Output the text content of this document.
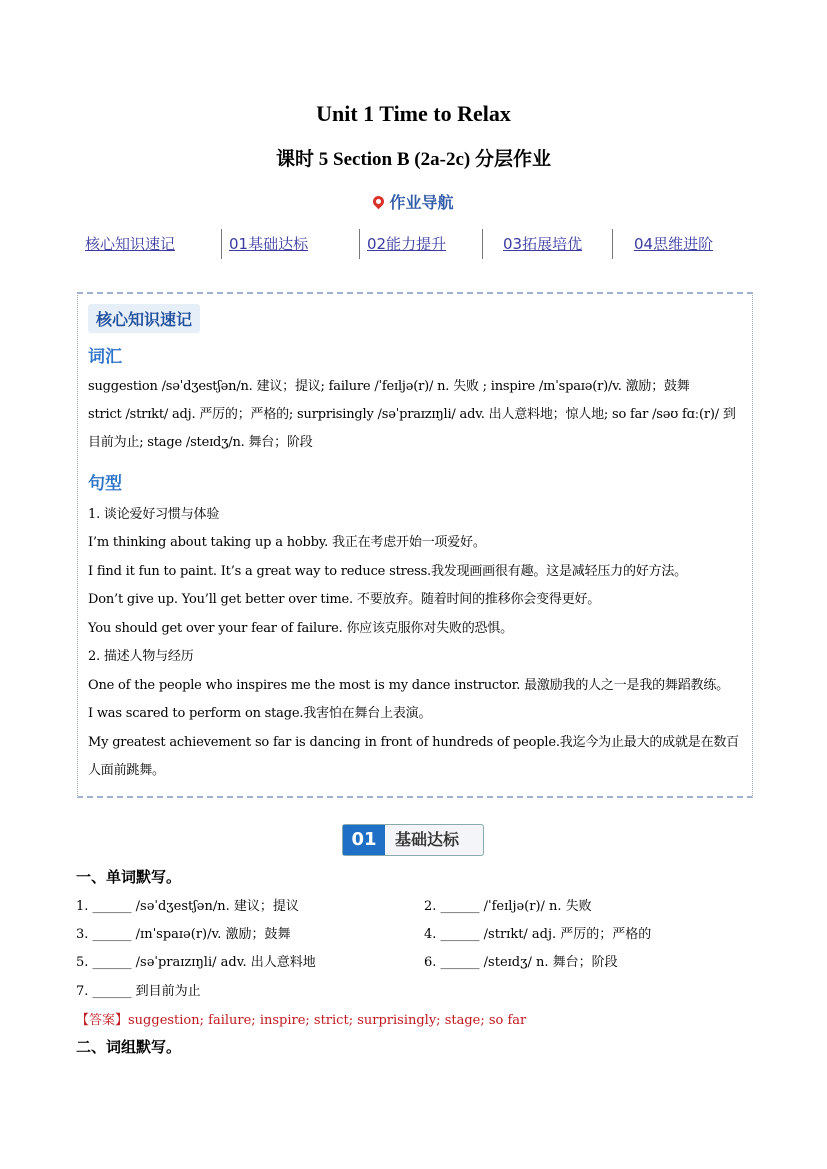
Unit 1 Time to Relax
课时 5 Section B (2a-2c) 分层作业
作业导航
核心知识速记	01基础达标	02能力提升	03拓展培优	04思维进阶
核心知识速记
词汇
suggestion /səˈdʒestʃən/n. 建议；提议; failure /ˈfeɪljə(r)/ n. 失败 ; inspire /ɪnˈspaɪə(r)/v. 激励；鼓舞
strict /strɪkt/ adj. 严厉的；严格的; surprisingly /səˈpraɪzɪŋli/ adv. 出人意料地；惊人地; so far /səʊ fɑː(r)/ 到
目前为止; stage /steɪdʒ/n. 舞台；阶段
句型
1. 谈论爱好习惯与体验
I’m thinking about taking up a hobby. 我正在考虑开始一项爱好。
I find it fun to paint. It’s a great way to reduce stress.我发现画画很有趣。这是减轻压力的好方法。
Don’t give up. You’ll get better over time. 不要放弃。随着时间的推移你会变得更好。
You should get over your fear of failure. 你应该克服你对失败的恐惧。
2. 描述人物与经历
One of the people who inspires me the most is my dance instructor. 最激励我的人之一是我的舞蹈教练。
I was scared to perform on stage.我害怕在舞台上表演。
My greatest achievement so far is dancing in front of hundreds of people.我迄今为止最大的成就是在数百
人面前跳舞。
01	基础达标
一、单词默写。
1. ______ /səˈdʒestʃən/n. 建议；提议	2. ______ /ˈfeɪljə(r)/ n. 失败
3. ______ /ɪnˈspaɪə(r)/v. 激励；鼓舞	4. ______ /strɪkt/ adj. 严厉的；严格的
5. ______ /səˈpraɪzɪŋli/ adv. 出人意料地	6. ______ /steɪdʒ/ n. 舞台；阶段
7. ______ 到目前为止
【答案】suggestion; failure; inspire; strict; surprisingly; stage; so far
二、词组默写。
